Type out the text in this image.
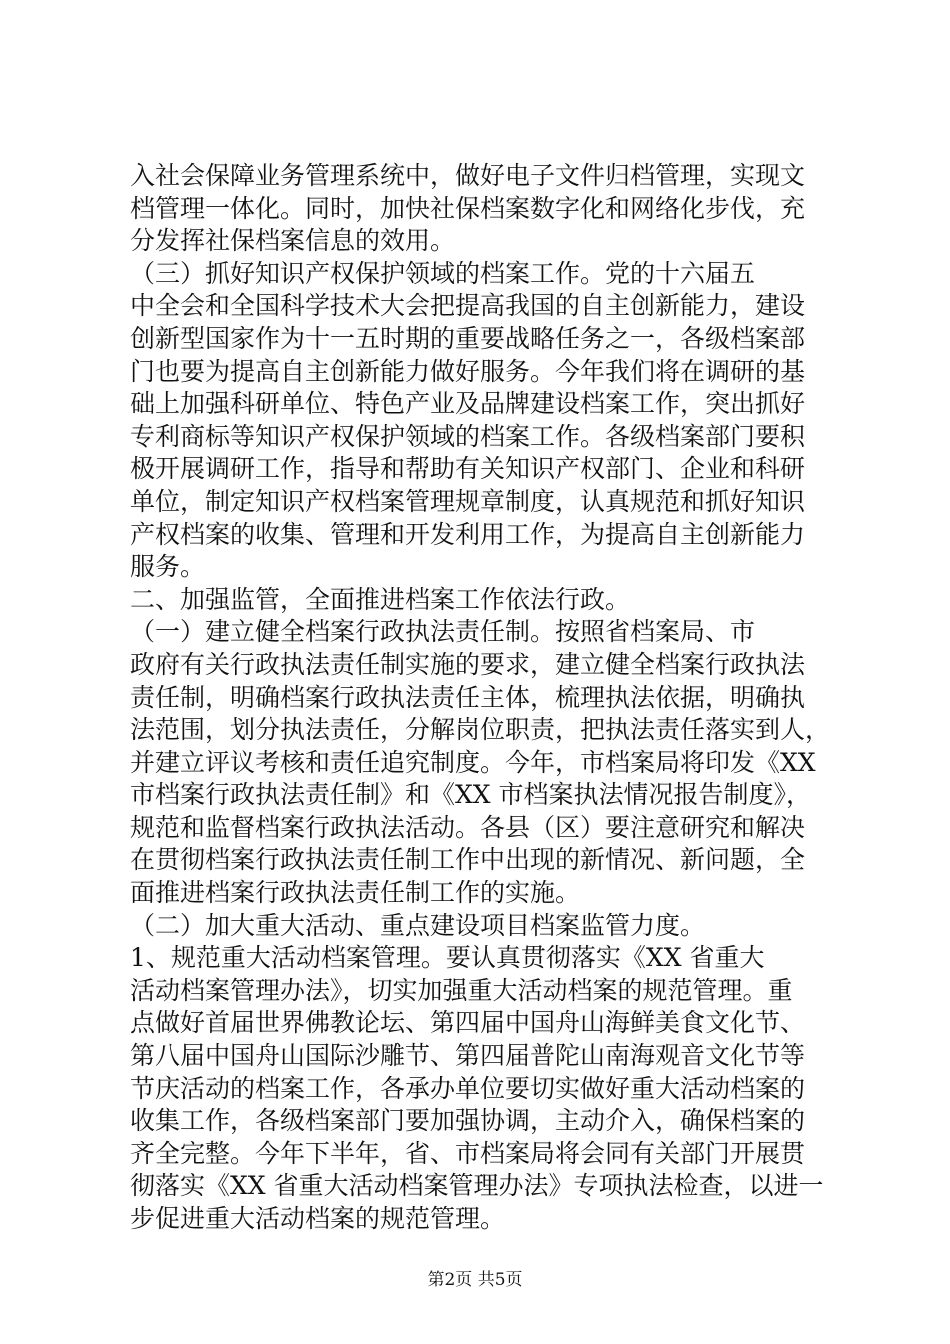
入社会保障业务管理系统中，做好电子文件归档管理，实现文
档管理一体化。同时，加快社保档案数字化和网络化步伐，充
分发挥社保档案信息的效用。
（三）抓好知识产权保护领域的档案工作。党的十六届五
中全会和全国科学技术大会把提高我国的自主创新能力，建设
创新型国家作为十一五时期的重要战略任务之一，各级档案部
门也要为提高自主创新能力做好服务。今年我们将在调研的基
础上加强科研单位、特色产业及品牌建设档案工作，突出抓好
专利商标等知识产权保护领域的档案工作。各级档案部门要积
极开展调研工作，指导和帮助有关知识产权部门、企业和科研
单位，制定知识产权档案管理规章制度，认真规范和抓好知识
产权档案的收集、管理和开发利用工作，为提高自主创新能力
服务。
二、加强监管，全面推进档案工作依法行政。
（一）建立健全档案行政执法责任制。按照省档案局、市
政府有关行政执法责任制实施的要求，建立健全档案行政执法
责任制，明确档案行政执法责任主体，梳理执法依据，明确执
法范围，划分执法责任，分解岗位职责，把执法责任落实到人，
并建立评议考核和责任追究制度。今年，市档案局将印发《XX
市档案行政执法责任制》和《XX 市档案执法情况报告制度》，
规范和监督档案行政执法活动。各县（区）要注意研究和解决
在贯彻档案行政执法责任制工作中出现的新情况、新问题，全
面推进档案行政执法责任制工作的实施。
（二）加大重大活动、重点建设项目档案监管力度。
1、规范重大活动档案管理。要认真贯彻落实《XX 省重大
活动档案管理办法》，切实加强重大活动档案的规范管理。重
点做好首届世界佛教论坛、第四届中国舟山海鲜美食文化节、
第八届中国舟山国际沙雕节、第四届普陀山南海观音文化节等
节庆活动的档案工作，各承办单位要切实做好重大活动档案的
收集工作，各级档案部门要加强协调，主动介入，确保档案的
齐全完整。今年下半年，省、市档案局将会同有关部门开展贯
彻落实《XX 省重大活动档案管理办法》专项执法检查，以进一
步促进重大活动档案的规范管理。
第2页 共5页
